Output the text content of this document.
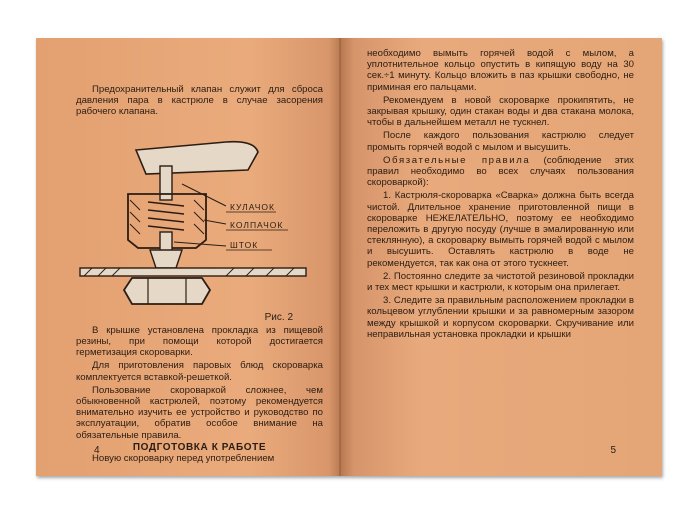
Предохранительный клапан служит для сброса давления пара в кастрюле в случае засорения рабочего клапана.

КУЛАЧОК
КОЛПАЧОК
ШТОК

Рис. 2

В крышке установлена прокладка из пищевой резины, при помощи которой достигается герметизация скороварки.

Для приготовления паровых блюд скороварка комплектуется вставкой-решеткой.

Пользование скороваркой сложнее, чем обыкновенной кастрюлей, поэтому рекомендуется внимательно изучить ее устройство и руководство по эксплуатации, обратив особое внимание на обязательные правила.

ПОДГОТОВКА К РАБОТЕ

Новую скороварку перед употреблением

4

необходимо вымыть горячей водой с мылом, а уплотнительное кольцо опустить в кипящую воду на 30 сек.÷1 минуту. Кольцо вложить в паз крышки свободно, не приминая его пальцами.

Рекомендуем в новой скороварке прокипятить, не закрывая крышку, один стакан воды и два стакана молока, чтобы в дальнейшем металл не тускнел.

После каждого пользования кастрюлю следует промыть горячей водой с мылом и высушить.

Обязательные правила (соблюдение этих правил необходимо во всех случаях пользования скороваркой):

1. Кастрюля-скороварка «Сварка» должна быть всегда чистой. Длительное хранение приготовленной пищи в скороварке НЕЖЕЛАТЕЛЬНО, поэтому ее необходимо переложить в другую посуду (лучше в эмалированную или стеклянную), а скороварку вымыть горячей водой с мылом и высушить. Оставлять кастрюлю в воде не рекомендуется, так как она от этого тускнеет.

2. Постоянно следите за чистотой резиновой прокладки и тех мест крышки и кастрюли, к которым она прилегает.

3. Следите за правильным расположением прокладки в кольцевом углублении крышки и за равномерным зазором между крышкой и корпусом скороварки. Скручивание или неправильная установка прокладки и крышки

5
